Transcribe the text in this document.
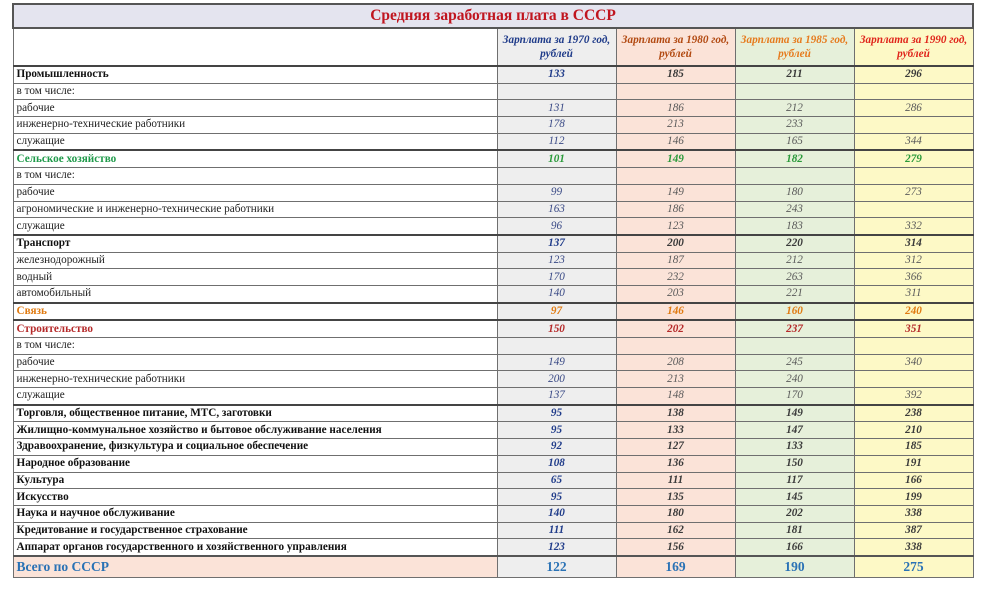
Средняя заработная плата в СССР				
	Зарплата за 1970 год, рублей	Зарплата за 1980 год, рублей	Зарплата за 1985 год, рублей	Зарплата за 1990 год, рублей
Промышленность	133	185	211	296
в том числе:				
рабочие	131	186	212	286
инженерно-технические работники	178	213	233	
служащие	112	146	165	344
Сельское хозяйство	101	149	182	279
в том числе:				
рабочие	99	149	180	273
агрономические и инженерно-технические работники	163	186	243	
служащие	96	123	183	332
Транспорт	137	200	220	314
железнодорожный	123	187	212	312
водный	170	232	263	366
автомобильный	140	203	221	311
Связь	97	146	160	240
Строительство	150	202	237	351
в том числе:				
рабочие	149	208	245	340
инженерно-технические работники	200	213	240	
служащие	137	148	170	392
Торговля, общественное питание, МТС, заготовки	95	138	149	238
Жилищно-коммунальное хозяйство и бытовое обслуживание населения	95	133	147	210
Здравоохранение, физкультура и социальное обеспечение	92	127	133	185
Народное образование	108	136	150	191
Культура	65	111	117	166
Искусство	95	135	145	199
Наука и научное обслуживание	140	180	202	338
Кредитование и государственное страхование	111	162	181	387
Аппарат органов государственного и хозяйственного управления	123	156	166	338
Всего по СССР	122	169	190	275
